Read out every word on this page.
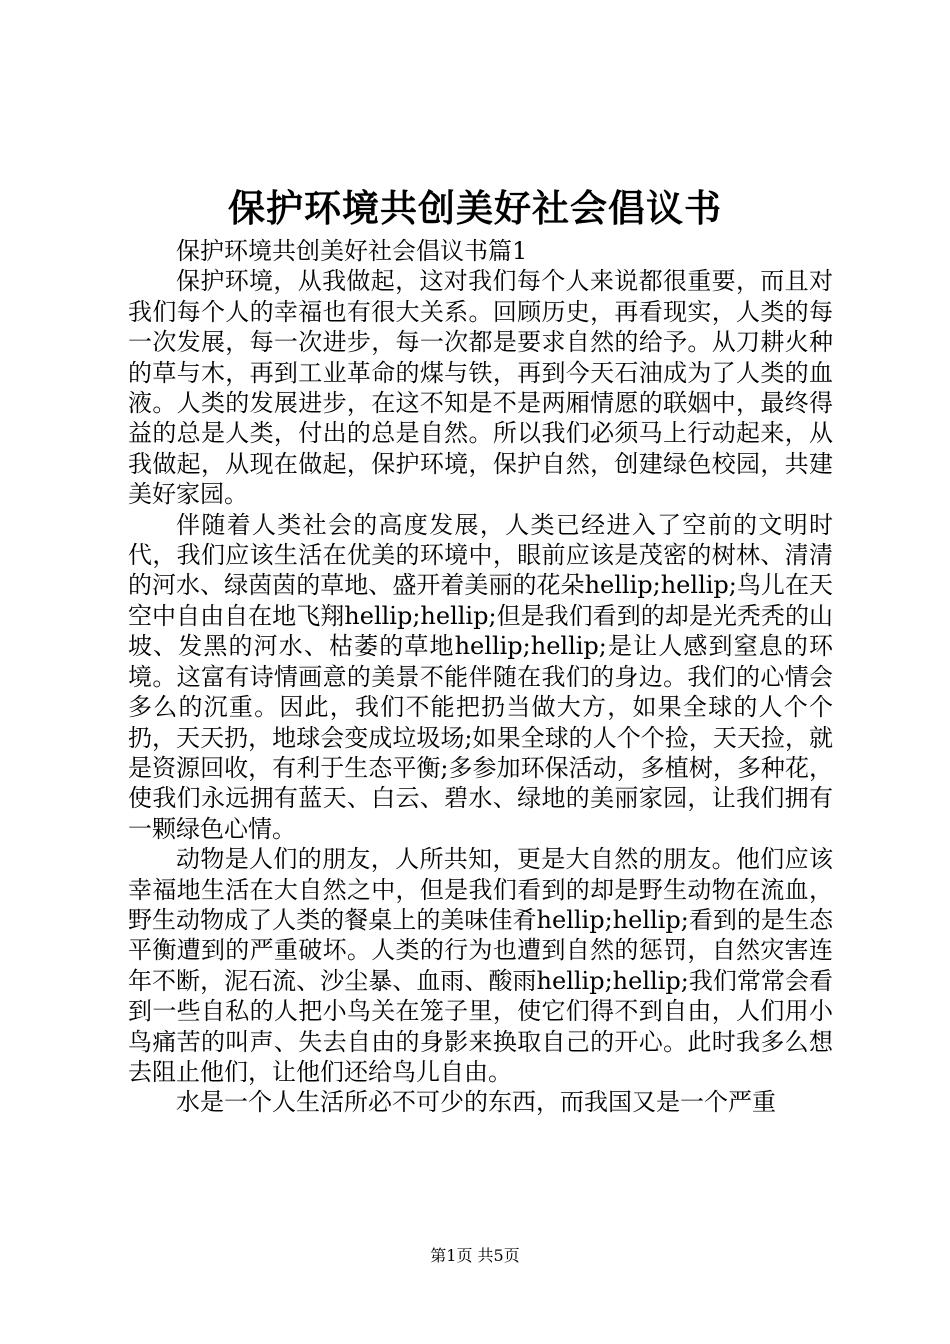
保护环境共创美好社会倡议书

保护环境共创美好社会倡议书篇1

保护环境，从我做起，这对我们每个人来说都很重要，而且对我们每个人的幸福也有很大关系。回顾历史，再看现实，人类的每一次发展，每一次进步，每一次都是要求自然的给予。从刀耕火种的草与木，再到工业革命的煤与铁，再到今天石油成为了人类的血液。人类的发展进步，在这不知是不是两厢情愿的联姻中，最终得益的总是人类，付出的总是自然。所以我们必须马上行动起来，从我做起，从现在做起，保护环境，保护自然，创建绿色校园，共建美好家园。

伴随着人类社会的高度发展，人类已经进入了空前的文明时代，我们应该生活在优美的环境中，眼前应该是茂密的树林、清清的河水、绿茵茵的草地、盛开着美丽的花朵hellip;hellip;鸟儿在天空中自由自在地飞翔hellip;hellip;但是我们看到的却是光秃秃的山坡、发黑的河水、枯萎的草地hellip;hellip;是让人感到窒息的环境。这富有诗情画意的美景不能伴随在我们的身边。我们的心情会多么的沉重。因此，我们不能把扔当做大方，如果全球的人个个扔，天天扔，地球会变成垃圾场;如果全球的人个个捡，天天捡，就是资源回收，有利于生态平衡;多参加环保活动，多植树，多种花，使我们永远拥有蓝天、白云、碧水、绿地的美丽家园，让我们拥有一颗绿色心情。

动物是人们的朋友，人所共知，更是大自然的朋友。他们应该幸福地生活在大自然之中，但是我们看到的却是野生动物在流血，野生动物成了人类的餐桌上的美味佳肴hellip;hellip;看到的是生态平衡遭到的严重破坏。人类的行为也遭到自然的惩罚，自然灾害连年不断，泥石流、沙尘暴、血雨、酸雨hellip;hellip;我们常常会看到一些自私的人把小鸟关在笼子里，使它们得不到自由，人们用小鸟痛苦的叫声、失去自由的身影来换取自己的开心。此时我多么想去阻止他们，让他们还给鸟儿自由。

水是一个人生活所必不可少的东西，而我国又是一个严重

第1页 共5页
